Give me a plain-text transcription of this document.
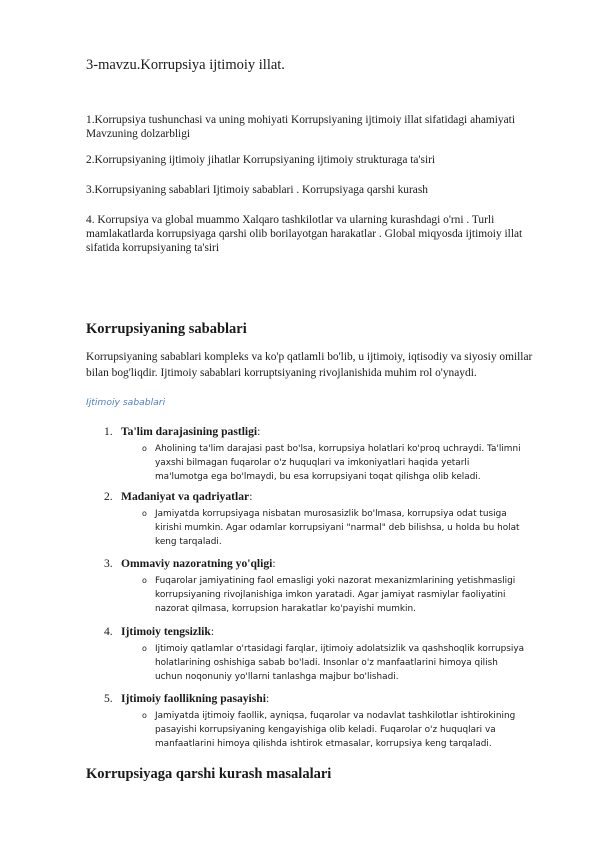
3-mavzu.Korrupsiya ijtimoiy illat.
1.Korrupsiya tushunchasi va uning mohiyati Korrupsiyaning ijtimoiy illat sifatidagi ahamiyati Mavzuning dolzarbligi
2.Korrupsiyaning ijtimoiy jihatlar Korrupsiyaning ijtimoiy strukturaga ta'siri
3.Korrupsiyaning sabablari Ijtimoiy sabablari . Korrupsiyaga qarshi kurash
4. Korrupsiya va global muammo Xalqaro tashkilotlar va ularning kurashdagi o'rni . Turli mamlakatlarda korrupsiyaga qarshi olib borilayotgan harakatlar . Global miqyosda ijtimoiy illat sifatida korrupsiyaning ta'siri
Korrupsiyaning sabablari
Korrupsiyaning sabablari kompleks va ko'p qatlamli bo'lib, u ijtimoiy, iqtisodiy va siyosiy omillar bilan bog'liqdir. Ijtimoiy sabablari korruptsiyaning rivojlanishida muhim rol o'ynaydi.
Ijtimoiy sabablari
1. Ta'lim darajasining pastligi:
o Aholining ta'lim darajasi past bo'lsa, korrupsiya holatlari ko'proq uchraydi. Ta'limni yaxshi bilmagan fuqarolar o'z huquqlari va imkoniyatlari haqida yetarli ma'lumotga ega bo'lmaydi, bu esa korrupsiyani toqat qilishga olib keladi.
2. Madaniyat va qadriyatlar:
o Jamiyatda korrupsiyaga nisbatan murosasizlik bo'lmasa, korrupsiya odat tusiga kirishi mumkin. Agar odamlar korrupsiyani "narmal" deb bilishsa, u holda bu holat keng tarqaladi.
3. Ommaviy nazoratning yo'qligi:
o Fuqarolar jamiyatining faol emasligi yoki nazorat mexanizmlarining yetishmasligi korrupsiyaning rivojlanishiga imkon yaratadi. Agar jamiyat rasmiylar faoliyatini nazorat qilmasa, korrupsion harakatlar ko'payishi mumkin.
4. Ijtimoiy tengsizlik:
o Ijtimoiy qatlamlar o'rtasidagi farqlar, ijtimoiy adolatsizlik va qashshoqlik korrupsiya holatlarining oshishiga sabab bo'ladi. Insonlar o'z manfaatlarini himoya qilish uchun noqonuniy yo'llarni tanlashga majbur bo'lishadi.
5. Ijtimoiy faollikning pasayishi:
o Jamiyatda ijtimoiy faollik, ayniqsa, fuqarolar va nodavlat tashkilotlar ishtirokining pasayishi korrupsiyaning kengayishiga olib keladi. Fuqarolar o'z huquqlari va manfaatlarini himoya qilishda ishtirok etmasalar, korrupsiya keng tarqaladi.
Korrupsiyaga qarshi kurash masalalari
